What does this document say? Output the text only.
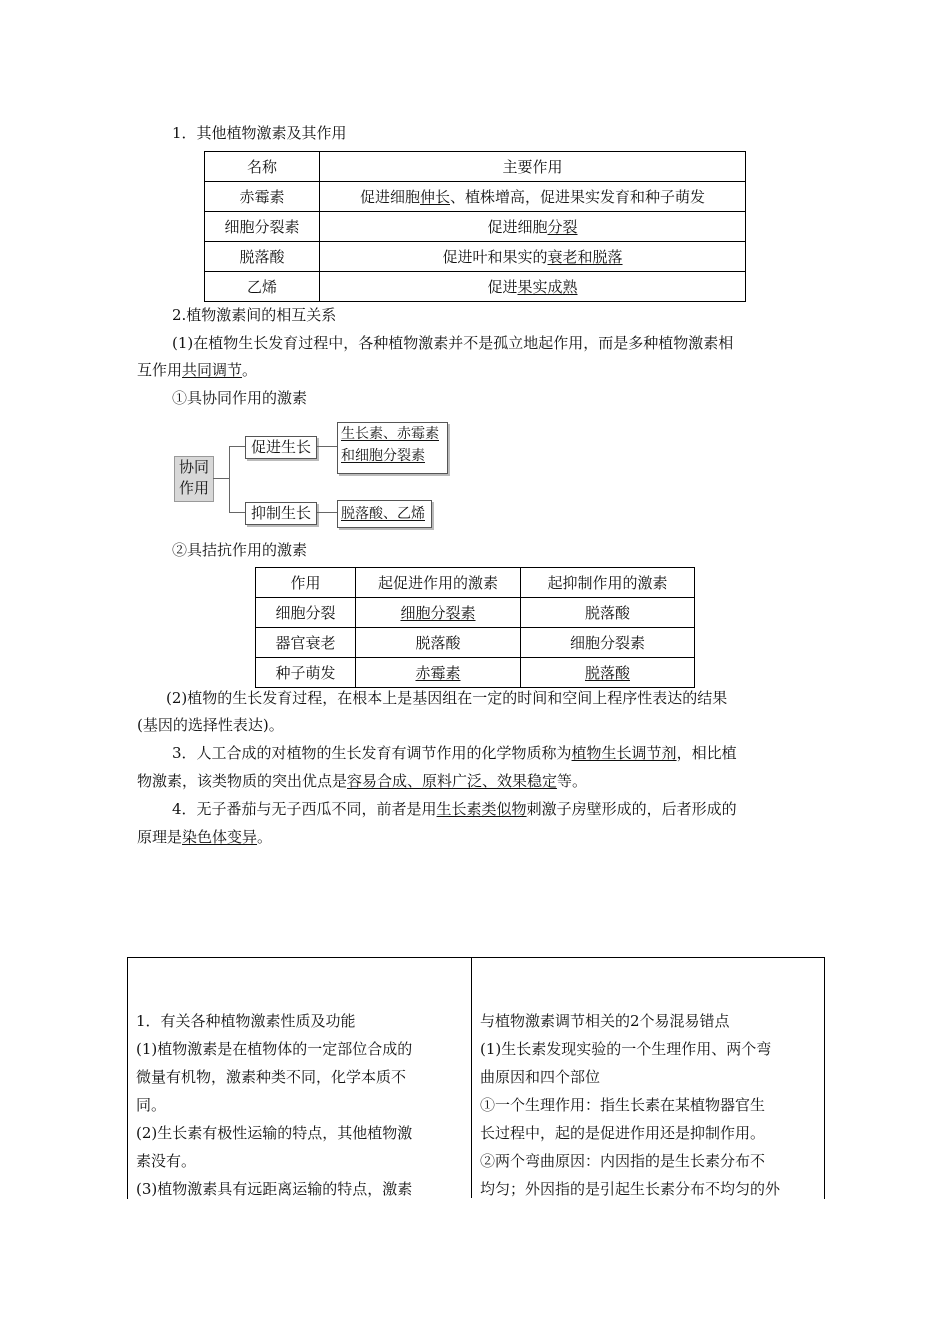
1．其他植物激素及其作用
名称	主要作用
赤霉素	促进细胞伸长、植株增高，促进果实发育和种子萌发
细胞分裂素	促进细胞分裂
脱落酸	促进叶和果实的衰老和脱落
乙烯	促进果实成熟
2.植物激素间的相互关系
(1)在植物生长发育过程中，各种植物激素并不是孤立地起作用，而是多种植物激素相
互作用共同调节。
①具协同作用的激素
协同
作用
促进生长
抑制生长
生长素、赤霉素
和细胞分裂素
脱落酸、乙烯
②具拮抗作用的激素
作用	起促进作用的激素	起抑制作用的激素
细胞分裂	细胞分裂素	脱落酸
器官衰老	脱落酸	细胞分裂素
种子萌发	赤霉素	脱落酸
(2)植物的生长发育过程，在根本上是基因组在一定的时间和空间上程序性表达的结果
(基因的选择性表达)。
3．人工合成的对植物的生长发育有调节作用的化学物质称为植物生长调节剂，相比植
物激素，该类物质的突出优点是容易合成、原料广泛、效果稳定等。
4．无子番茄与无子西瓜不同，前者是用生长素类似物刺激子房壁形成的，后者形成的
原理是染色体变异。
1．有关各种植物激素性质及功能
(1)植物激素是在植物体的一定部位合成的
微量有机物，激素种类不同，化学本质不
同。
(2)生长素有极性运输的特点，其他植物激
素没有。
(3)植物激素具有远距离运输的特点，激素
与植物激素调节相关的2个易混易错点
(1)生长素发现实验的一个生理作用、两个弯
曲原因和四个部位
①一个生理作用：指生长素在某植物器官生
长过程中，起的是促进作用还是抑制作用。
②两个弯曲原因：内因指的是生长素分布不
均匀；外因指的是引起生长素分布不均匀的外
